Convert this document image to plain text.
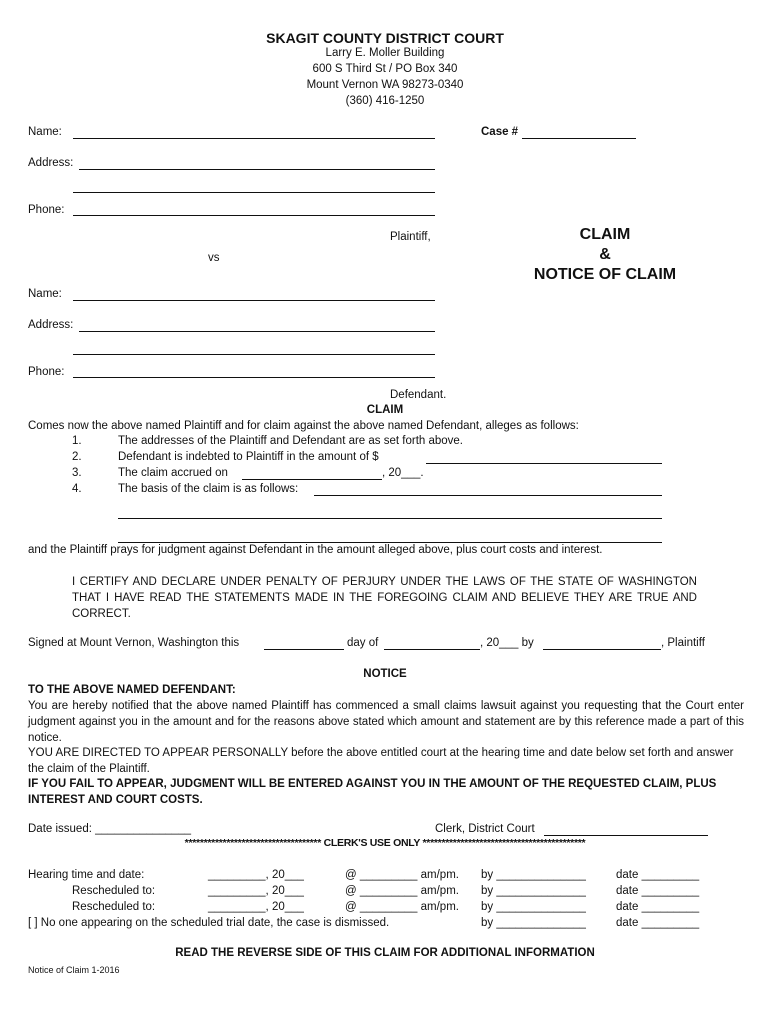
SKAGIT COUNTY DISTRICT COURT
Larry E. Moller Building
600 S Third St / PO Box 340
Mount Vernon WA 98273-0340
(360) 416-1250
Name:	Case #
Address:
Phone:
Plaintiff,
vs
CLAIM
&
NOTICE OF CLAIM
Name:
Address:
Phone:
Defendant.
CLAIM
Comes now the above named Plaintiff and for claim against the above named Defendant, alleges as follows:
1.	The addresses of the Plaintiff and Defendant are as set forth above.
2.	Defendant is indebted to Plaintiff in the amount of $
3.	The claim accrued on	, 20___.
4.	The basis of the claim is as follows:
and the Plaintiff prays for judgment against Defendant in the amount alleged above, plus court costs and interest.
I CERTIFY AND DECLARE UNDER PENALTY OF PERJURY UNDER THE LAWS OF THE STATE OF WASHINGTON THAT I HAVE READ THE STATEMENTS MADE IN THE FOREGOING CLAIM AND BELIEVE THEY ARE TRUE AND CORRECT.
Signed at Mount Vernon, Washington this	day of	, 20___ by	, Plaintiff
NOTICE
TO THE ABOVE NAMED DEFENDANT:
You are hereby notified that the above named Plaintiff has commenced a small claims lawsuit against you requesting that the Court enter judgment against you in the amount and for the reasons above stated which amount and statement are by this reference made a part of this notice.
YOU ARE DIRECTED TO APPEAR PERSONALLY before the above entitled court at the hearing time and date below set forth and answer the claim of the Plaintiff.
IF YOU FAIL TO APPEAR, JUDGMENT WILL BE ENTERED AGAINST YOU IN THE AMOUNT OF THE REQUESTED CLAIM, PLUS INTEREST AND COURT COSTS.
Date issued: _______________	Clerk, District Court
************************************ CLERK'S USE ONLY *******************************************
Hearing time and date:	_________, 20___	@ _________ am/pm. by ______________	date _________
Rescheduled to:	_________, 20___	@ _________ am/pm. by ______________	date _________
Rescheduled to:	_________, 20___	@ _________ am/pm. by ______________	date _________
[ ] No one appearing on the scheduled trial date, the case is dismissed.	by ______________	date _________
READ THE REVERSE SIDE OF THIS CLAIM FOR ADDITIONAL INFORMATION
Notice of Claim 1-2016
